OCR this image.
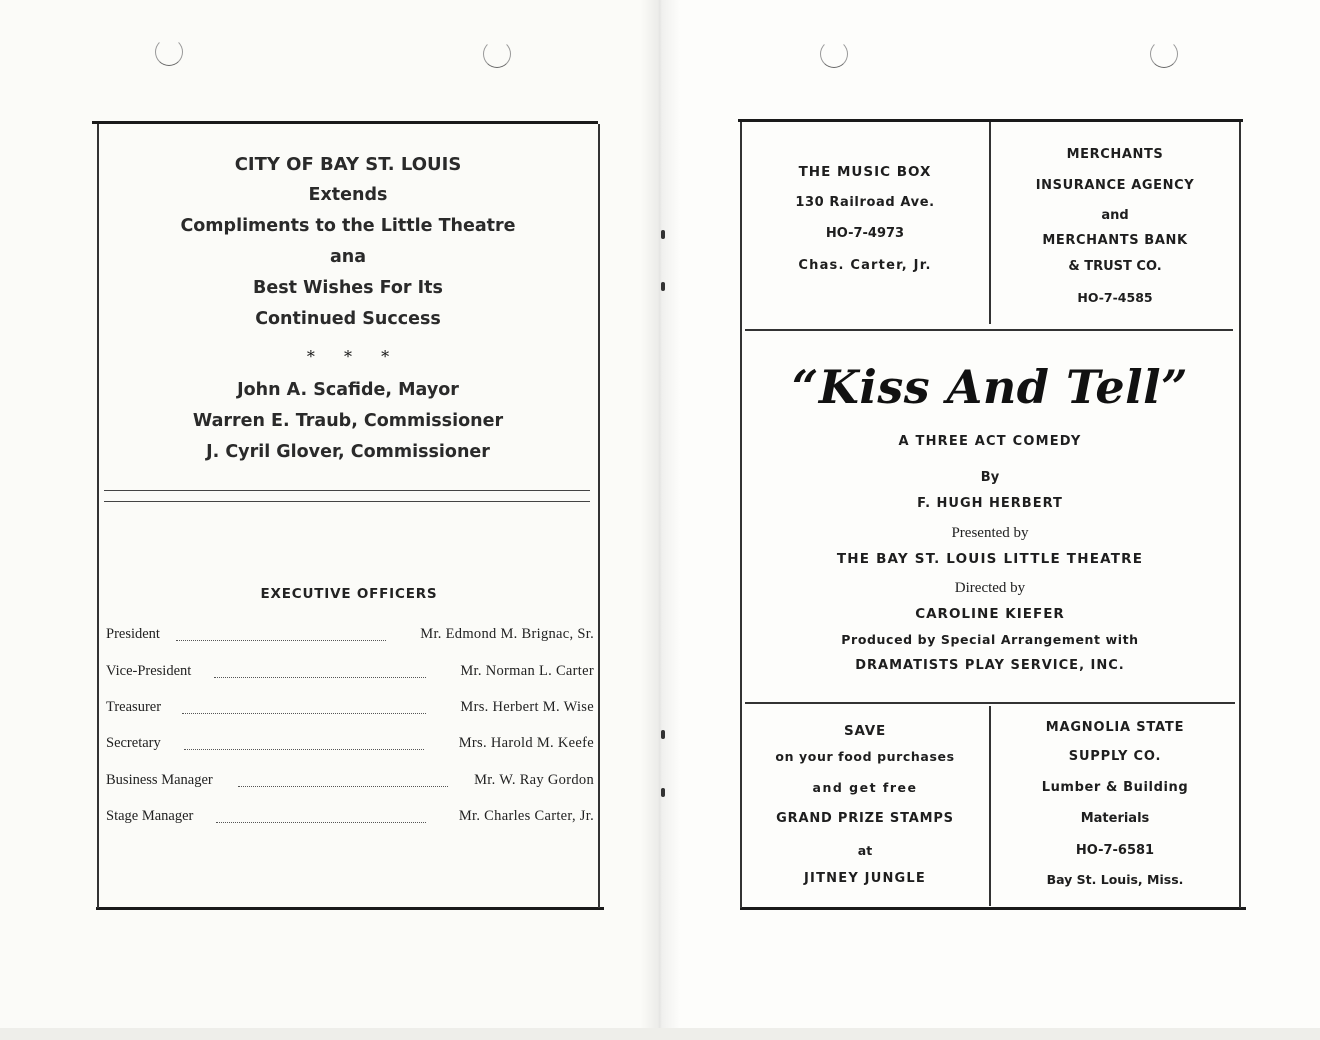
CITY OF BAY ST. LOUIS
Extends
Compliments to the Little Theatre
ana
Best Wishes For Its
Continued Success
* * *
John A. Scafide, Mayor
Warren E. Traub, Commissioner
J. Cyril Glover, Commissioner
EXECUTIVE OFFICERS
President	Mr. Edmond M. Brignac, Sr.
Vice-President	Mr. Norman L. Carter
Treasurer	Mrs. Herbert M. Wise
Secretary	Mrs. Harold M. Keefe
Business Manager	Mr. W. Ray Gordon
Stage Manager	Mr. Charles Carter, Jr.
THE MUSIC BOX
130 Railroad Ave.
HO-7-4973
Chas. Carter, Jr.
MERCHANTS
INSURANCE AGENCY
and
MERCHANTS BANK
& TRUST CO.
HO-7-4585
“Kiss And Tell”
A THREE ACT COMEDY
By
F. HUGH HERBERT
Presented by
THE BAY ST. LOUIS LITTLE THEATRE
Directed by
CAROLINE KIEFER
Produced by Special Arrangement with
DRAMATISTS PLAY SERVICE, INC.
SAVE
on your food purchases
and get free
GRAND PRIZE STAMPS
at
JITNEY JUNGLE
MAGNOLIA STATE
SUPPLY CO.
Lumber & Building
Materials
HO-7-6581
Bay St. Louis, Miss.
